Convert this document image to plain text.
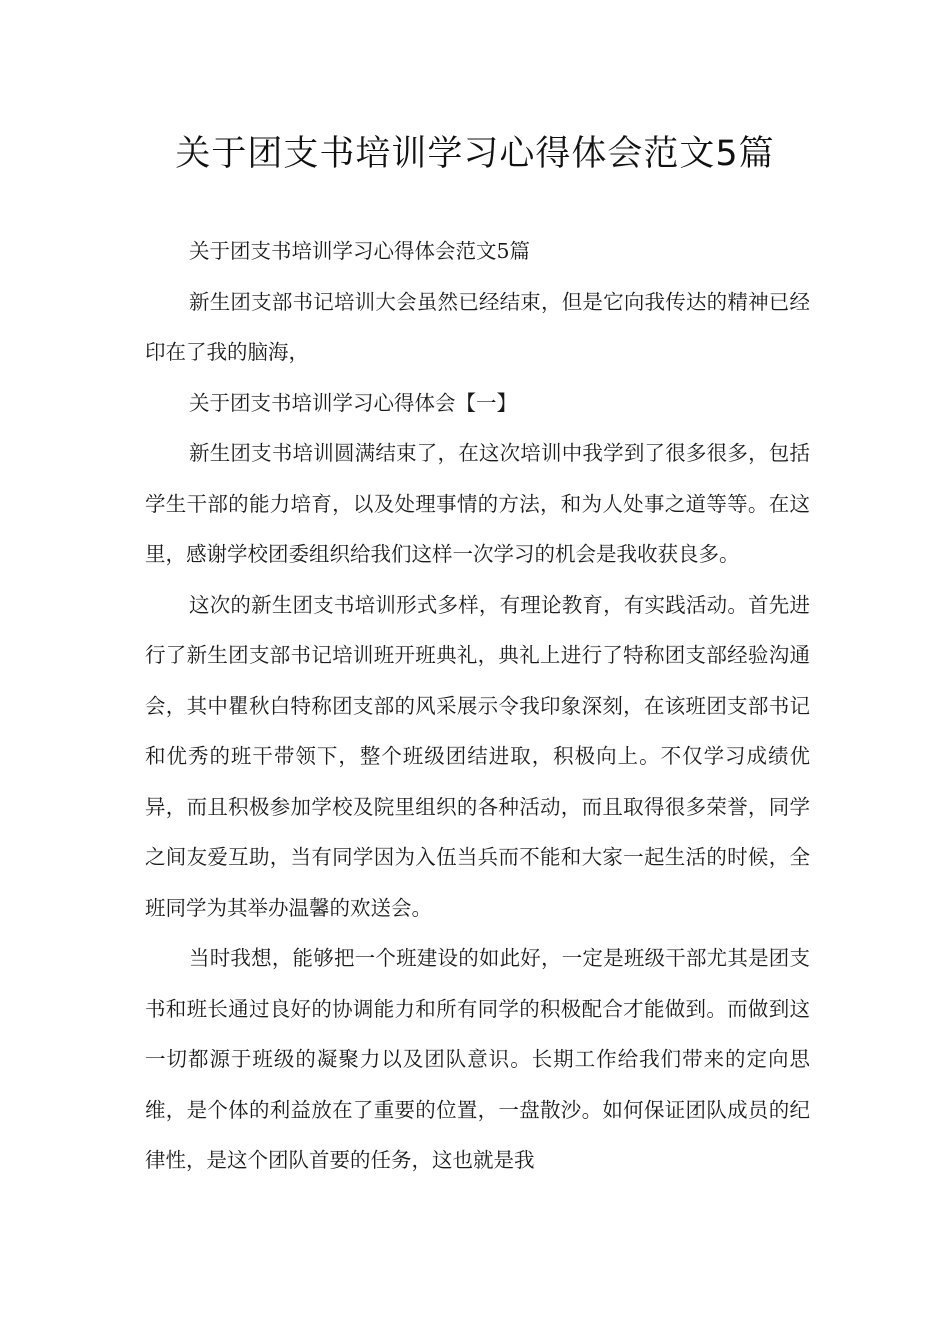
关于团支书培训学习心得体会范文5篇

关于团支书培训学习心得体会范文5篇

新生团支部书记培训大会虽然已经结束，但是它向我传达的精神已经印在了我的脑海，

关于团支书培训学习心得体会【一】

新生团支书培训圆满结束了，在这次培训中我学到了很多很多，包括学生干部的能力培育，以及处理事情的方法，和为人处事之道等等。在这里，感谢学校团委组织给我们这样一次学习的机会是我收获良多。

这次的新生团支书培训形式多样，有理论教育，有实践活动。首先进行了新生团支部书记培训班开班典礼，典礼上进行了特称团支部经验沟通会，其中瞿秋白特称团支部的风采展示令我印象深刻，在该班团支部书记和优秀的班干带领下，整个班级团结进取，积极向上。不仅学习成绩优异，而且积极参加学校及院里组织的各种活动，而且取得很多荣誉，同学之间友爱互助，当有同学因为入伍当兵而不能和大家一起生活的时候，全班同学为其举办温馨的欢送会。

当时我想，能够把一个班建设的如此好，一定是班级干部尤其是团支书和班长通过良好的协调能力和所有同学的积极配合才能做到。而做到这一切都源于班级的凝聚力以及团队意识。长期工作给我们带来的定向思维，是个体的利益放在了重要的位置，一盘散沙。如何保证团队成员的纪律性，是这个团队首要的任务，这也就是我
